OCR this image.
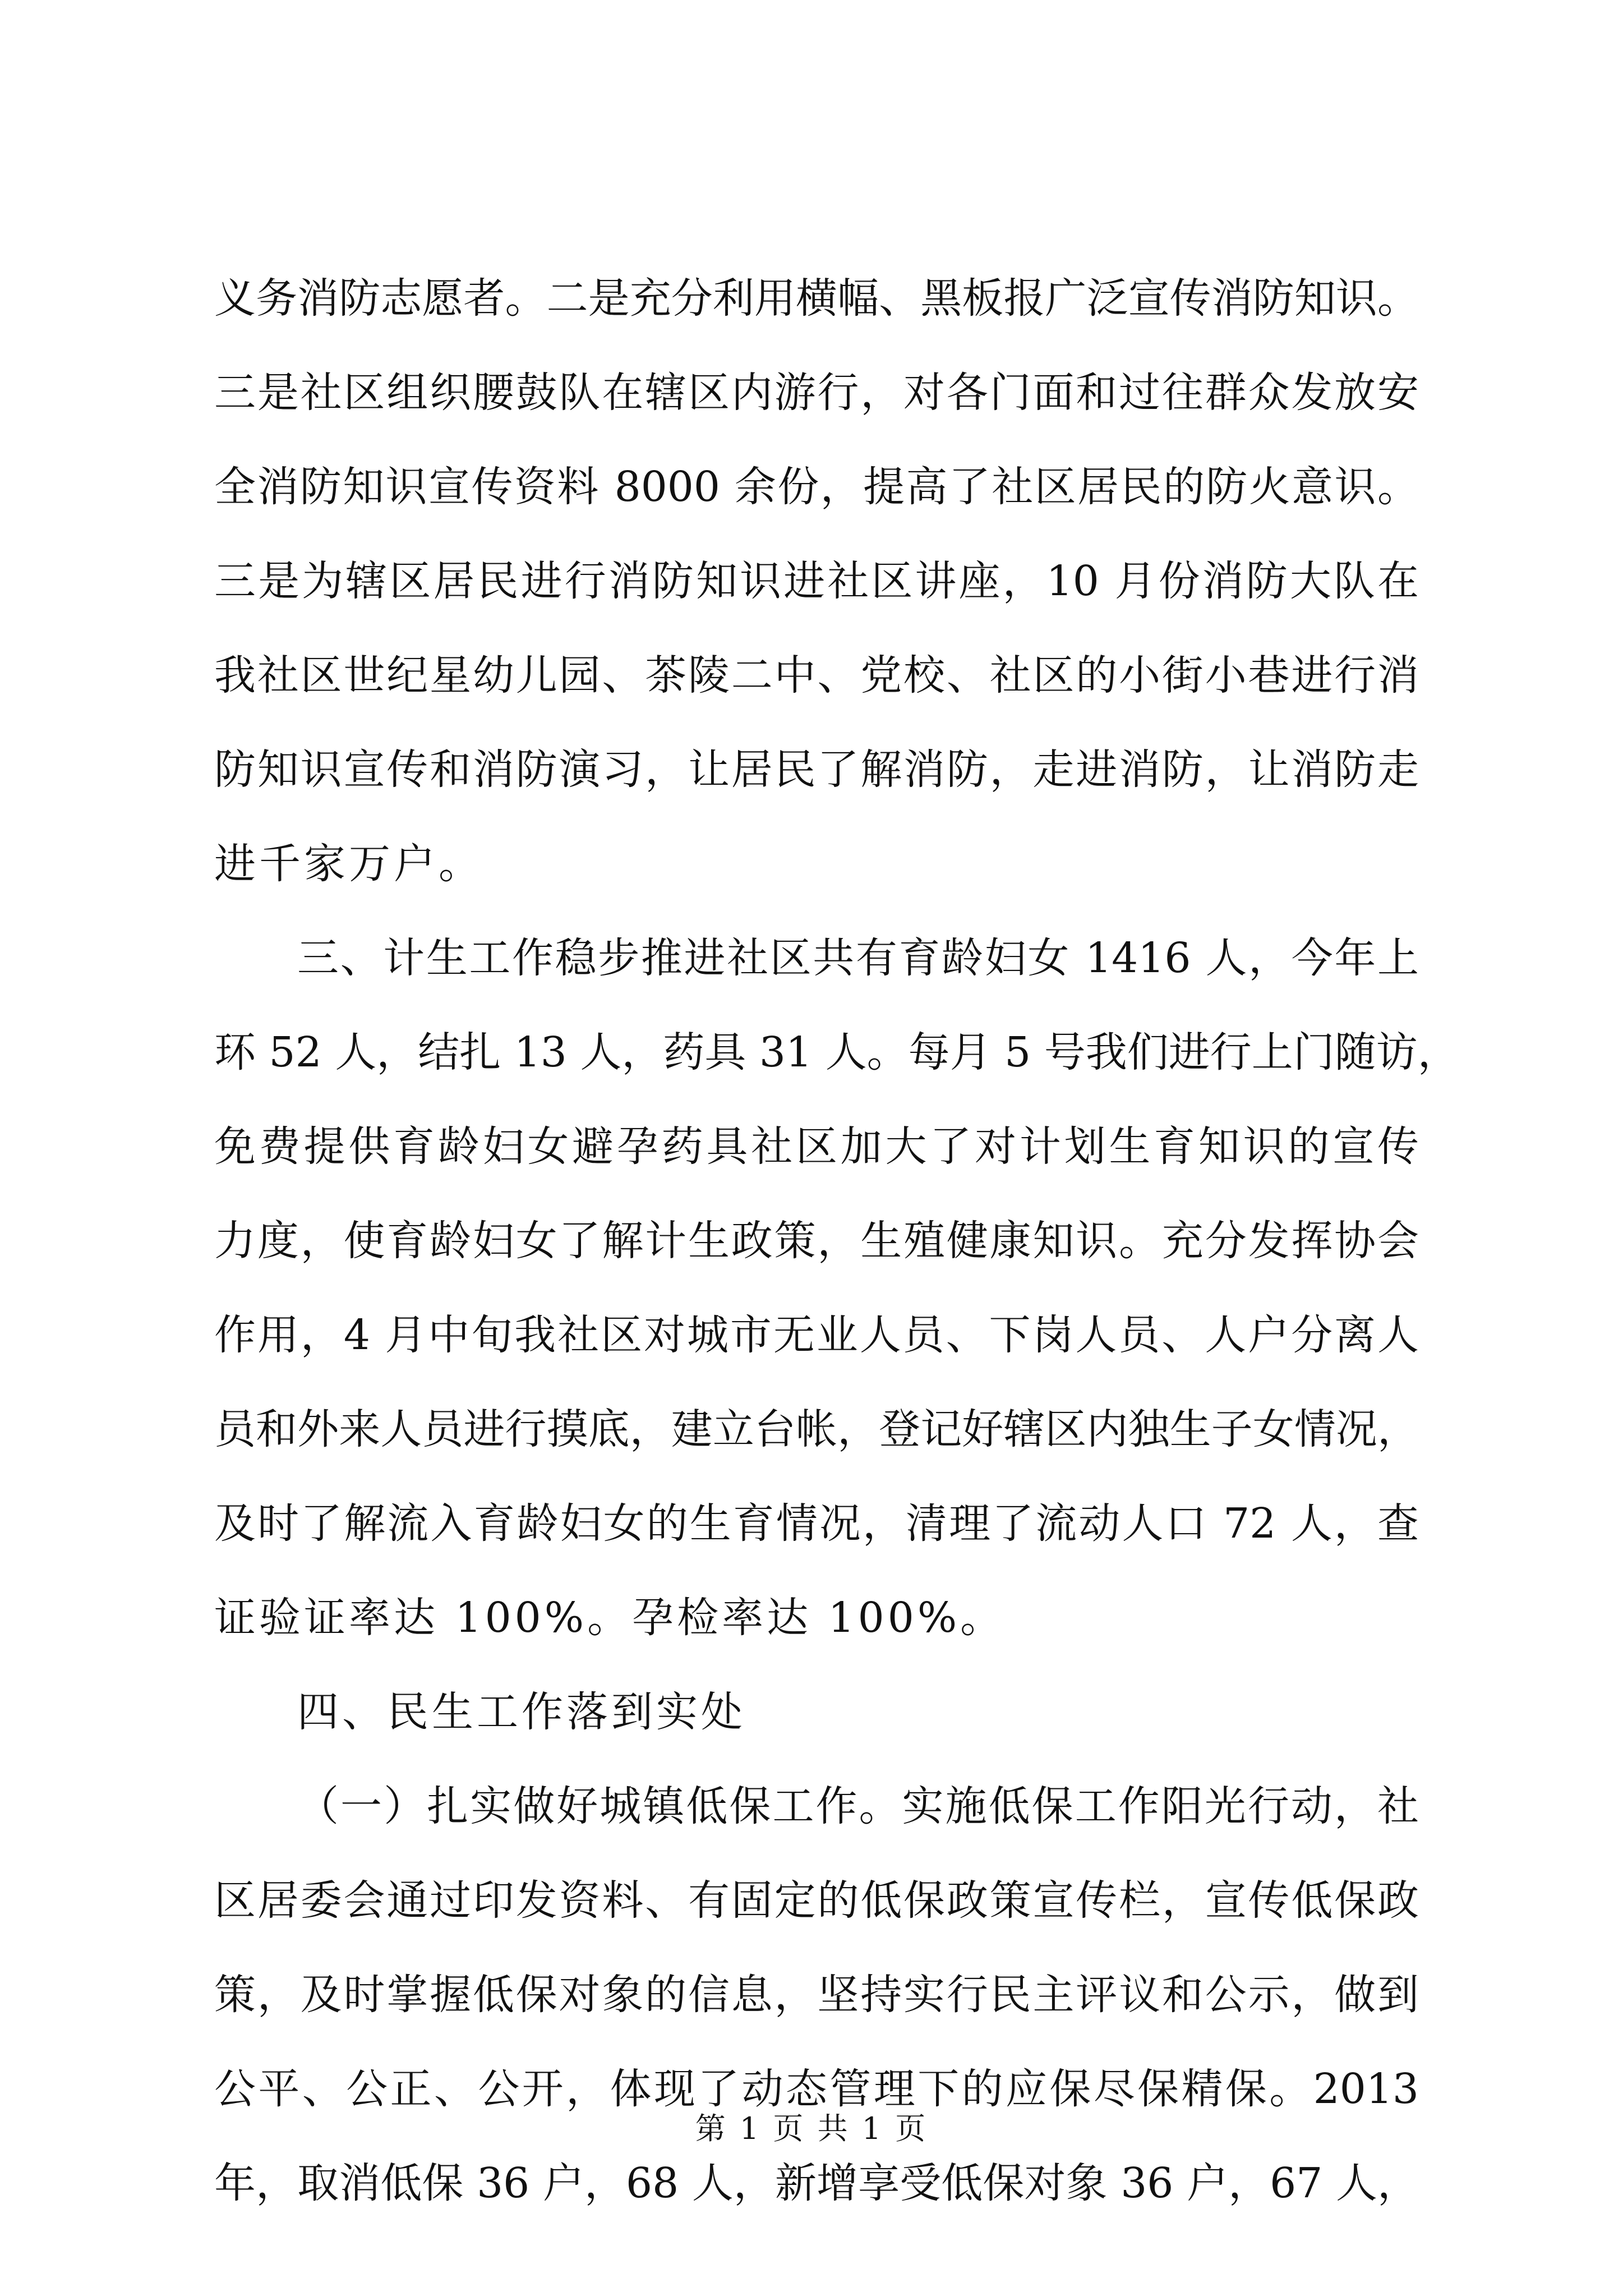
义务消防志愿者。二是充分利用横幅、黑板报广泛宣传消防知识。
三是社区组织腰鼓队在辖区内游行，对各门面和过往群众发放安
全消防知识宣传资料 8000 余份，提高了社区居民的防火意识。
三是为辖区居民进行消防知识进社区讲座，10 月份消防大队在
我社区世纪星幼儿园、茶陵二中、党校、社区的小街小巷进行消
防知识宣传和消防演习，让居民了解消防，走进消防，让消防走
进千家万户。
三、计生工作稳步推进社区共有育龄妇女 1416 人，今年上
环 52 人，结扎 13 人，药具 31 人。每月 5 号我们进行上门随访，
免费提供育龄妇女避孕药具社区加大了对计划生育知识的宣传
力度，使育龄妇女了解计生政策，生殖健康知识。充分发挥协会
作用，4 月中旬我社区对城市无业人员、下岗人员、人户分离人
员和外来人员进行摸底，建立台帐，登记好辖区内独生子女情况，
及时了解流入育龄妇女的生育情况，清理了流动人口 72 人，查
证验证率达 100%。孕检率达 100%。
四、民生工作落到实处
（一）扎实做好城镇低保工作。实施低保工作阳光行动，社
区居委会通过印发资料、有固定的低保政策宣传栏，宣传低保政
策，及时掌握低保对象的信息，坚持实行民主评议和公示，做到
公平、公正、公开，体现了动态管理下的应保尽保精保。2013
年，取消低保 36 户，68 人，新增享受低保对象 36 户，67 人，
第 1 页 共 1 页
